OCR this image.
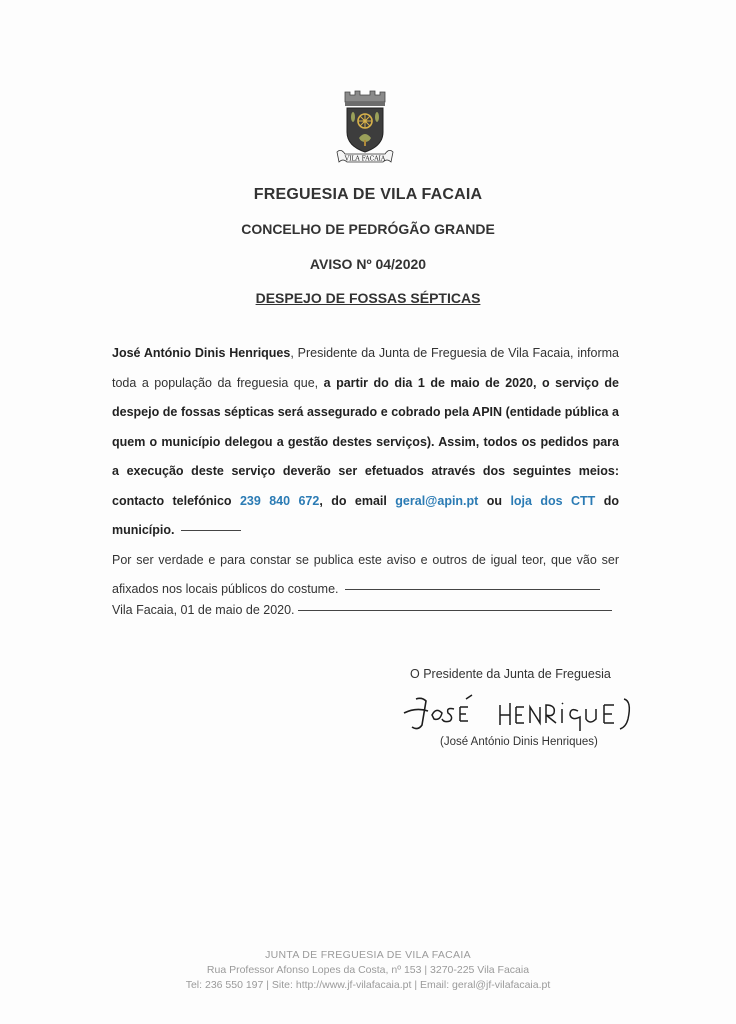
VILA FACAIA
FREGUESIA DE VILA FACAIA
CONCELHO DE PEDRÓGÃO GRANDE
AVISO Nº 04/2020
DESPEJO DE FOSSAS SÉPTICAS
José António Dinis Henriques, Presidente da Junta de Freguesia de Vila Facaia, informa toda a população da freguesia que, a partir do dia 1 de maio de 2020, o serviço de despejo de fossas sépticas será assegurado e cobrado pela APIN (entidade pública a quem o município delegou a gestão destes serviços). Assim, todos os pedidos para a execução deste serviço deverão ser efetuados através dos seguintes meios: contacto telefónico 239 840 672, do email geral@apin.pt ou loja dos CTT do município.
Por ser verdade e para constar se publica este aviso e outros de igual teor, que vão ser afixados nos locais públicos do costume.
Vila Facaia, 01 de maio de 2020.
O Presidente da Junta de Freguesia
(José António Dinis Henriques)
JUNTA DE FREGUESIA DE VILA FACAIA
Rua Professor Afonso Lopes da Costa, nº 153 | 3270-225 Vila Facaia
Tel: 236 550 197 | Site: http://www.jf-vilafacaia.pt | Email: geral@jf-vilafacaia.pt
